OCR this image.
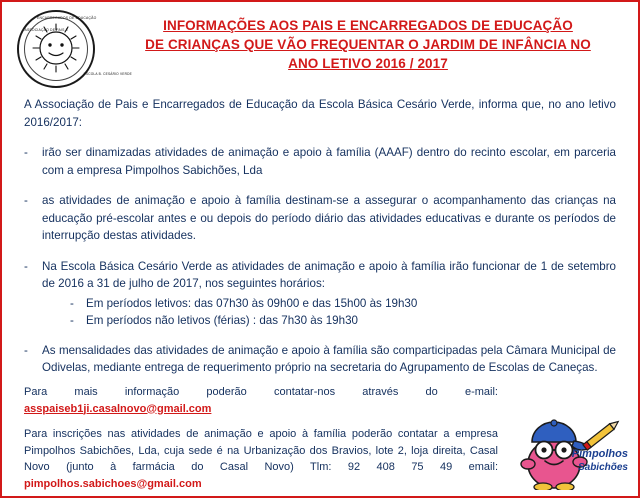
ASSOCIAÇÃO DE PAIS E
ENCARREGADOS DE EDUCAÇÃO
ESCOLA B. CESÁRIO VERDE
INFORMAÇÕES AOS PAIS E ENCARREGADOS DE EDUCAÇÃO
DE CRIANÇAS QUE VÃO FREQUENTAR O JARDIM DE INFÂNCIA NO
ANO LETIVO 2016 / 2017

A Associação de Pais e Encarregados de Educação da Escola Básica Cesário Verde, informa que, no ano letivo 2016/2017:

-	irão ser dinamizadas atividades de animação e apoio à família (AAAF) dentro do recinto escolar, em parceria com a empresa Pimpolhos Sabichões, Lda
-	as atividades de animação e apoio à família destinam-se a assegurar o acompanhamento das crianças na educação pré-escolar antes e ou depois do período diário das atividades educativas e durante os períodos de interrupção destas atividades.
-	Na Escola Básica Cesário Verde as atividades de animação e apoio à família irão funcionar de 1 de setembro de 2016 a 31 de julho de 2017, nos seguintes horários:
-	Em períodos letivos: das 07h30 às 09h00 e das 15h00 às 19h30
-	Em períodos não letivos (férias) : das 7h30 às 19h30
-	As mensalidades das atividades de animação e apoio à família são comparticipadas pela Câmara Municipal de Odivelas, mediante entrega de requerimento próprio na secretaria do Agrupamento de Escolas de Caneças.

Para mais informação poderão contatar-nos através do e-mail: asspaiseb1ji.casalnovo@gmail.com

Para inscrições nas atividades de animação e apoio à família poderão contatar a empresa Pimpolhos Sabichões, Lda, cuja sede é na Urbanização dos Bravios, lote 2, loja direita, Casal Novo (junto à farmácia do Casal Novo) Tlm: 92 408 75 49 email: pimpolhos.sabichoes@gmail.com

Pimpolhos
Sabichões
